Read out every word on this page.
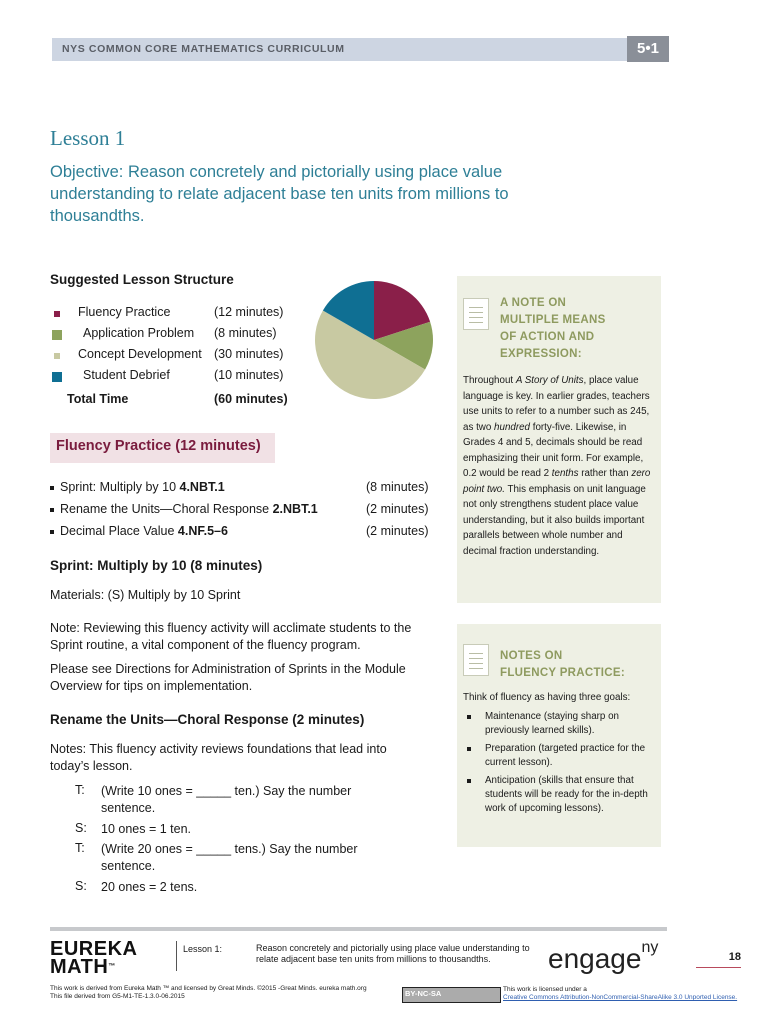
NYS COMMON CORE MATHEMATICS CURRICULUM	5•1
Lesson 1
Objective: Reason concretely and pictorially using place value understanding to relate adjacent base ten units from millions to thousandths.
Suggested Lesson Structure
Fluency Practice	(12 minutes)
Application Problem (8 minutes)
Concept Development (30 minutes)
Student Debrief	(10 minutes)
Total Time	(60 minutes)
Fluency Practice (12 minutes)
Sprint: Multiply by 10 4.NBT.1	(8 minutes)
Rename the Units—Choral Response 2.NBT.1	(2 minutes)
Decimal Place Value 4.NF.5–6	(2 minutes)
Sprint: Multiply by 10 (8 minutes)

Materials: (S) Multiply by 10 Sprint

Note: Reviewing this fluency activity will acclimate students to the Sprint routine, a vital component of the fluency program.

Please see Directions for Administration of Sprints in the Module Overview for tips on implementation.

Rename the Units—Choral Response (2 minutes)

Notes: This fluency activity reviews foundations that lead into today’s lesson.

T: (Write 10 ones = _____ ten.) Say the number sentence.
S: 10 ones = 1 ten.
T: (Write 20 ones = _____ tens.) Say the number sentence.
S: 20 ones = 2 tens.
A NOTE ON
MULTIPLE MEANS
OF ACTION AND
EXPRESSION:
Throughout A Story of Units, place value language is key. In earlier grades, teachers use units to refer to a number such as 245, as two hundred forty-five. Likewise, in Grades 4 and 5, decimals should be read emphasizing their unit form. For example, 0.2 would be read 2 tenths rather than zero point two. This emphasis on unit language not only strengthens student place value understanding, but it also builds important parallels between whole number and decimal fraction understanding.
NOTES ON
FLUENCY PRACTICE:
Think of fluency as having three goals:
Maintenance (staying sharp on previously learned skills).
Preparation (targeted practice for the current lesson).
Anticipation (skills that ensure that students will be ready for the in-depth work of upcoming lessons).
EUREKA
MATH™
Lesson 1:	Reason concretely and pictorially using place value understanding to relate adjacent base ten units from millions to thousandths.	engage$^{ny}$
18
This work is derived from Eureka Math ™ and licensed by Great Minds. ©2015 -Great Minds. eureka math.org
This file derived from G5-M1-TE-1.3.0-06.2015	BY-NC-SA	This work is licensed under a
Creative Commons Attribution-NonCommercial-ShareAlike 3.0 Unported License.
